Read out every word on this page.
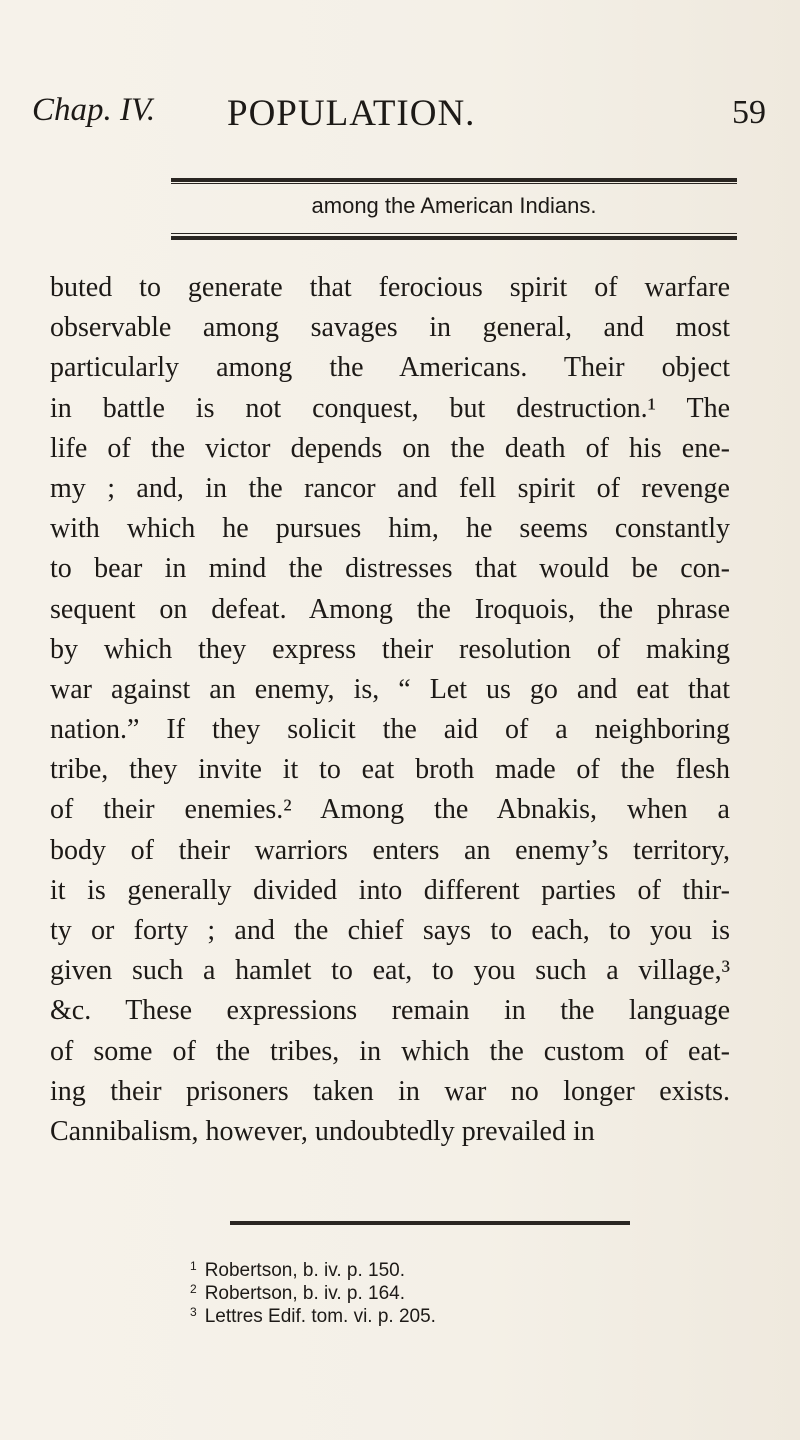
Chap. IV. POPULATION.	59
among the American Indians.
buted to generate that ferocious spirit of warfare
observable among savages in general, and most
particularly among the Americans. Their object
in battle is not conquest, but destruction.¹ The
life of the victor depends on the death of his ene-
my ; and, in the rancor and fell spirit of revenge
with which he pursues him, he seems constantly
to bear in mind the distresses that would be con-
sequent on defeat. Among the Iroquois, the phrase
by which they express their resolution of making
war against an enemy, is, “ Let us go and eat that
nation.” If they solicit the aid of a neighboring
tribe, they invite it to eat broth made of the flesh
of their enemies.² Among the Abnakis, when a
body of their warriors enters an enemy’s territory,
it is generally divided into different parties of thir-
ty or forty ; and the chief says to each, to you is
given such a hamlet to eat, to you such a village,³
&c. These expressions remain in the language
of some of the tribes, in which the custom of eat-
ing their prisoners taken in war no longer exists.
Cannibalism, however, undoubtedly prevailed in
$^1$ Robertson, b. iv. p. 150.
$^2$ Robertson, b. iv. p. 164.
$^3$ Lettres Edif. tom. vi. p. 205.
